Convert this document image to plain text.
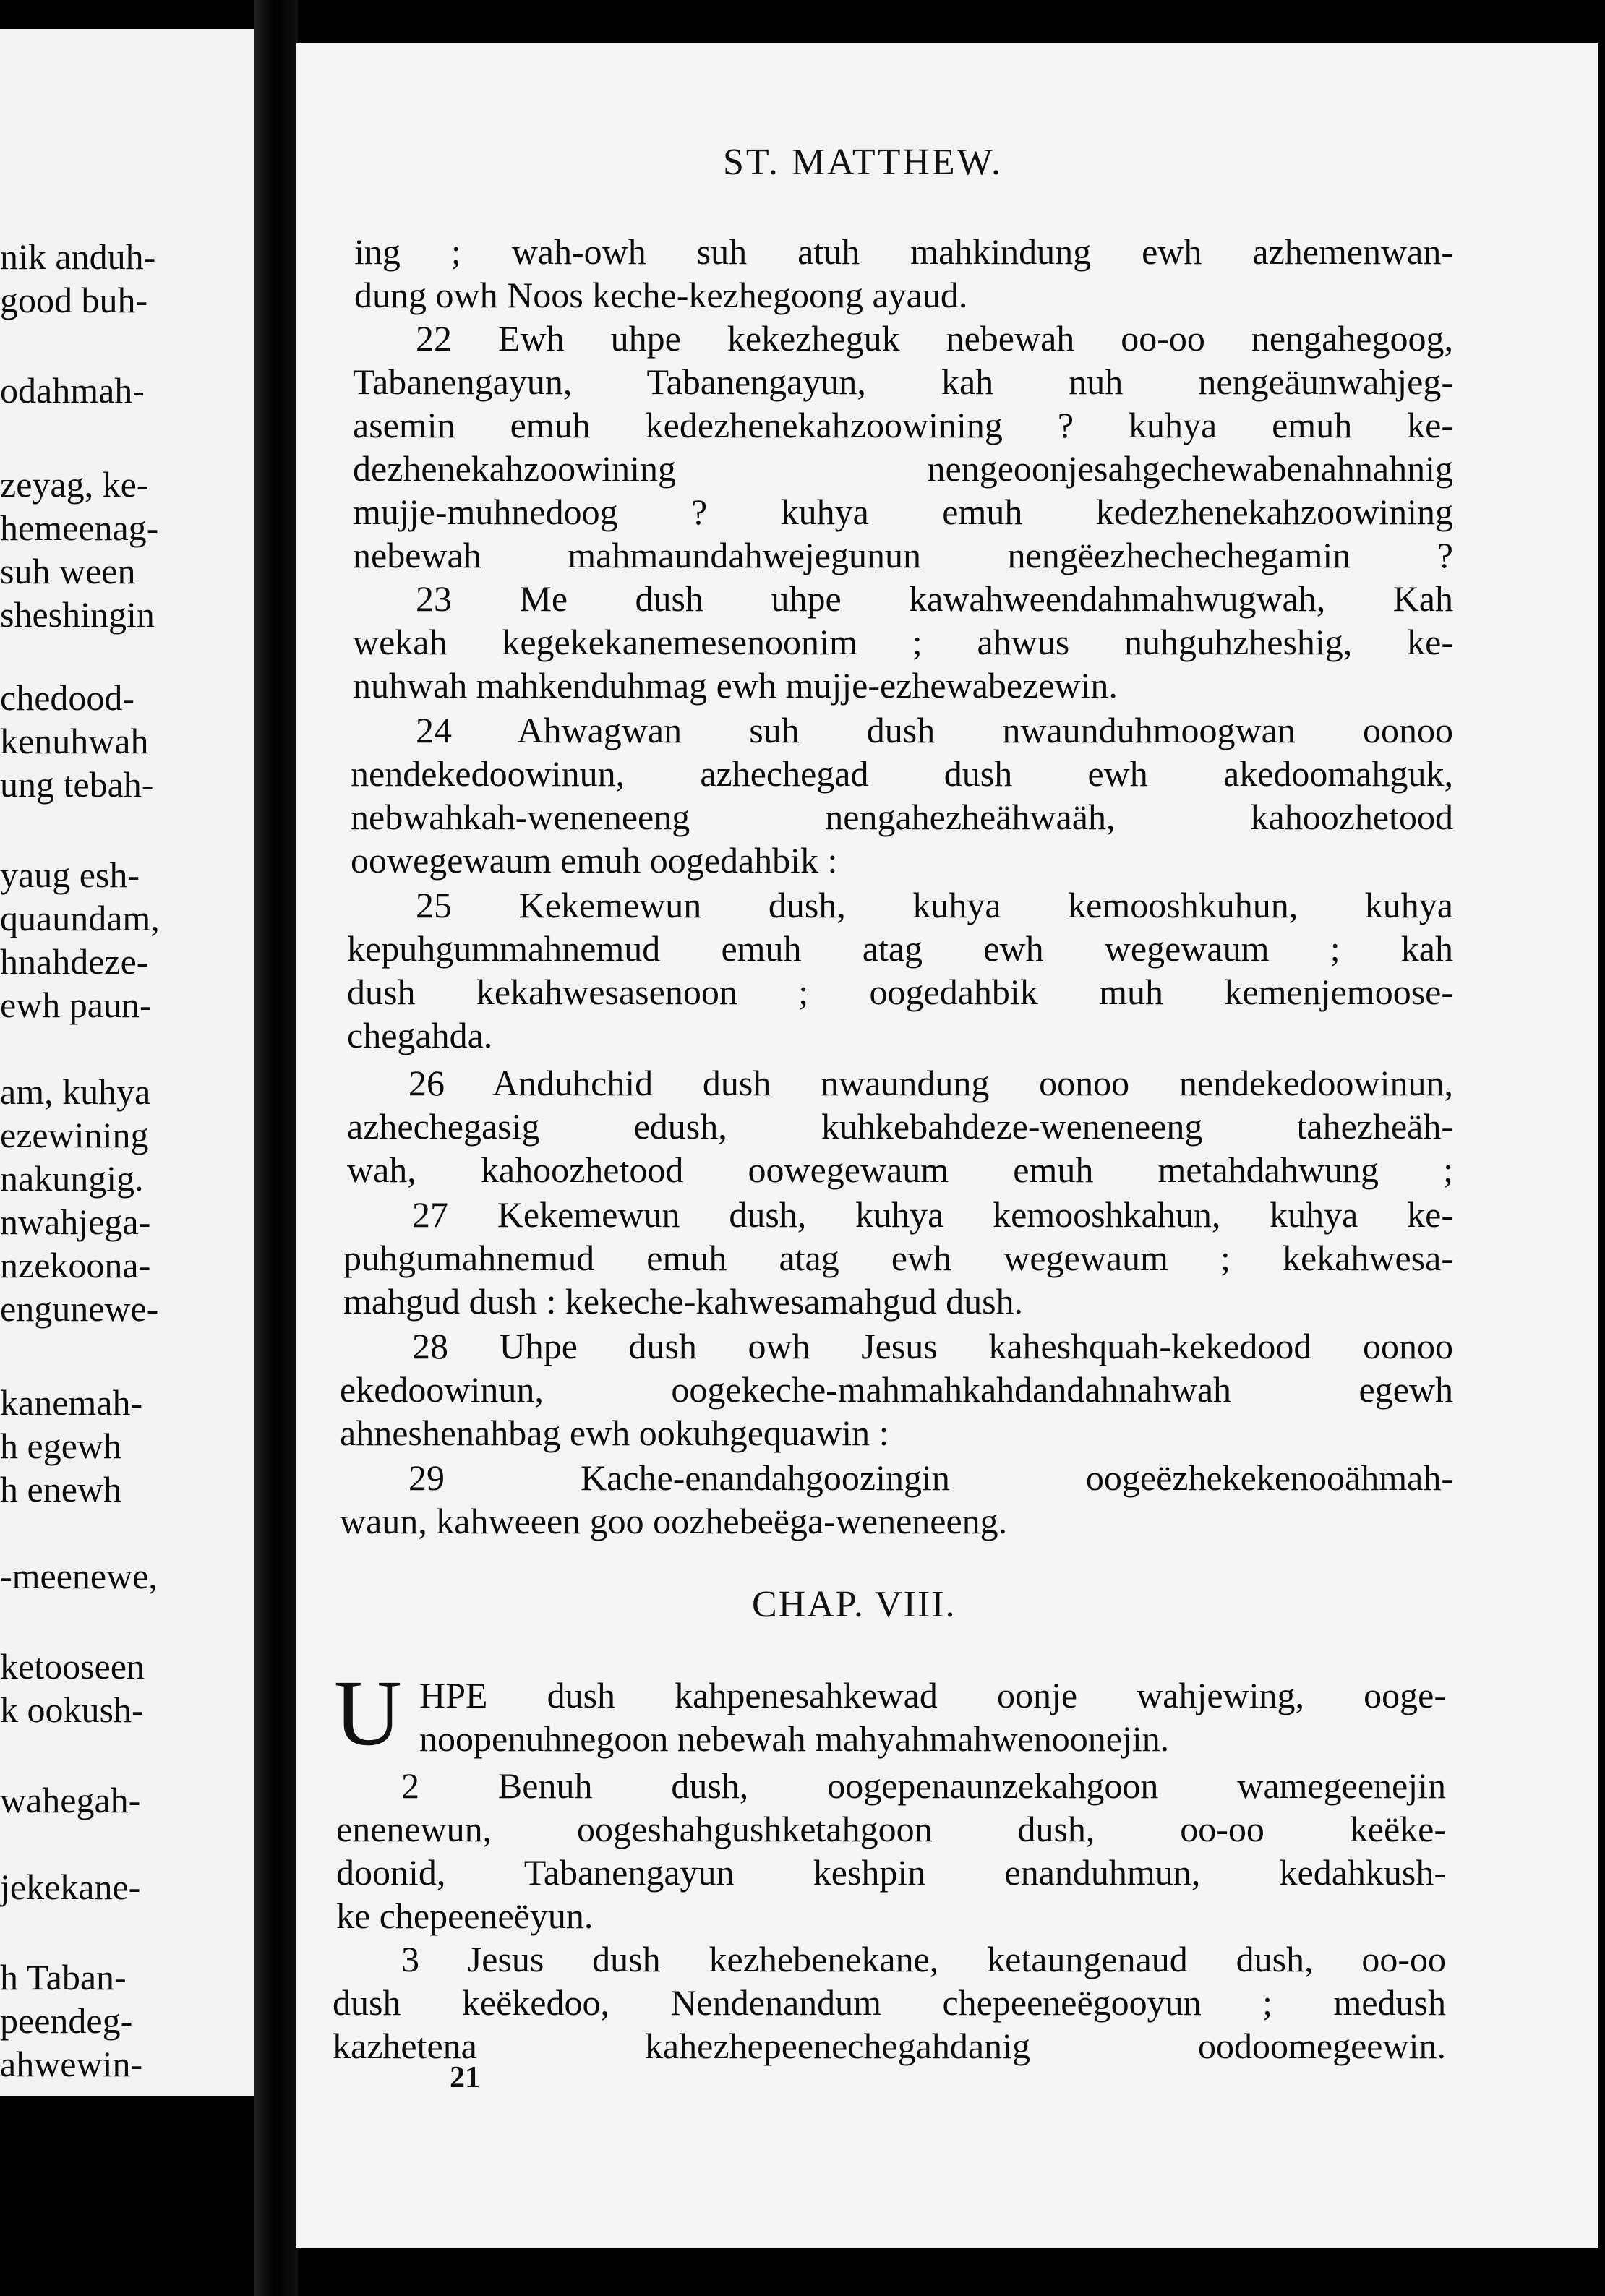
nik anduh-
good buh-
odahmah-
zeyag, ke-
hemeenag-
suh ween
sheshingin
chedood-
kenuhwah
ung tebah-
yaug esh-
quaundam,
hnahdeze-
ewh paun-
am, kuhya
ezewining
nakungig.
nwahjega-
nzekoona-
engunewe-
kanemah-
h egewh
h enewh
-meenewe,
ketooseen
k ookush-
wahegah-
jekekane-
h Taban-
peendeg-
ahwewin-
ST. MATTHEW.
ing ; wah-owh suh atuh mahkindung ewh azhemenwan-
dung owh Noos keche-kezhegoong ayaud.
22 Ewh uhpe kekezheguk nebewah oo-oo nengahegoog,
Tabanengayun, Tabanengayun, kah nuh nengeäunwahjeg-
asemin emuh kedezhenekahzoowining ? kuhya emuh ke-
dezhenekahzoowining nengeoonjesahgechewabenahnahnig
mujje-muhnedoog ? kuhya emuh kedezhenekahzoowining
nebewah mahmaundahwejegunun nengëezhechechegamin ?
23 Me dush uhpe kawahweendahmahwugwah, Kah
wekah kegekekanemesenoonim ; ahwus nuhguhzheshig, ke-
nuhwah mahkenduhmag ewh mujje-ezhewabezewin.
24 Ahwagwan suh dush nwaunduhmoogwan oonoo
nendekedoowinun, azhechegad dush ewh akedoomahguk,
nebwahkah-weneneeng nengahezheähwaäh, kahoozhetood
oowegewaum emuh oogedahbik :
25 Kekemewun dush, kuhya kemooshkuhun, kuhya
kepuhgummahnemud emuh atag ewh wegewaum ; kah
dush kekahwesasenoon ; oogedahbik muh kemenjemoose-
chegahda.
26 Anduhchid dush nwaundung oonoo nendekedoowinun,
azhechegasig edush, kuhkebahdeze-weneneeng tahezheäh-
wah, kahoozhetood oowegewaum emuh metahdahwung ;
27 Kekemewun dush, kuhya kemooshkahun, kuhya ke-
puhgumahnemud emuh atag ewh wegewaum ; kekahwesa-
mahgud dush : kekeche-kahwesamahgud dush.
28 Uhpe dush owh Jesus kaheshquah-kekedood oonoo
ekedoowinun, oogekeche-mahmahkahdandahnahwah egewh
ahneshenahbag ewh ookuhgequawin :
29 Kache-enandahgoozingin oogeëzhekekenooähmah-
waun, kahweeen goo oozhebeëga-weneneeng.
HPE dush kahpenesahkewad oonje wahjewing, ooge-
noopenuhnegoon nebewah mahyahmahwenoonejin.
2 Benuh dush, oogepenaunzekahgoon wamegeenejin
enenewun, oogeshahgushketahgoon dush, oo-oo keëke-
doonid, Tabanengayun keshpin enanduhmun, kedahkush-
ke chepeeneëyun.
3 Jesus dush kezhebenekane, ketaungenaud dush, oo-oo
dush keëkedoo, Nendenandum chepeeneëgooyun ; medush
kazhetena kahezhepeenechegahdanig oodoomegeewin.
CHAP. VIII.
U
21
